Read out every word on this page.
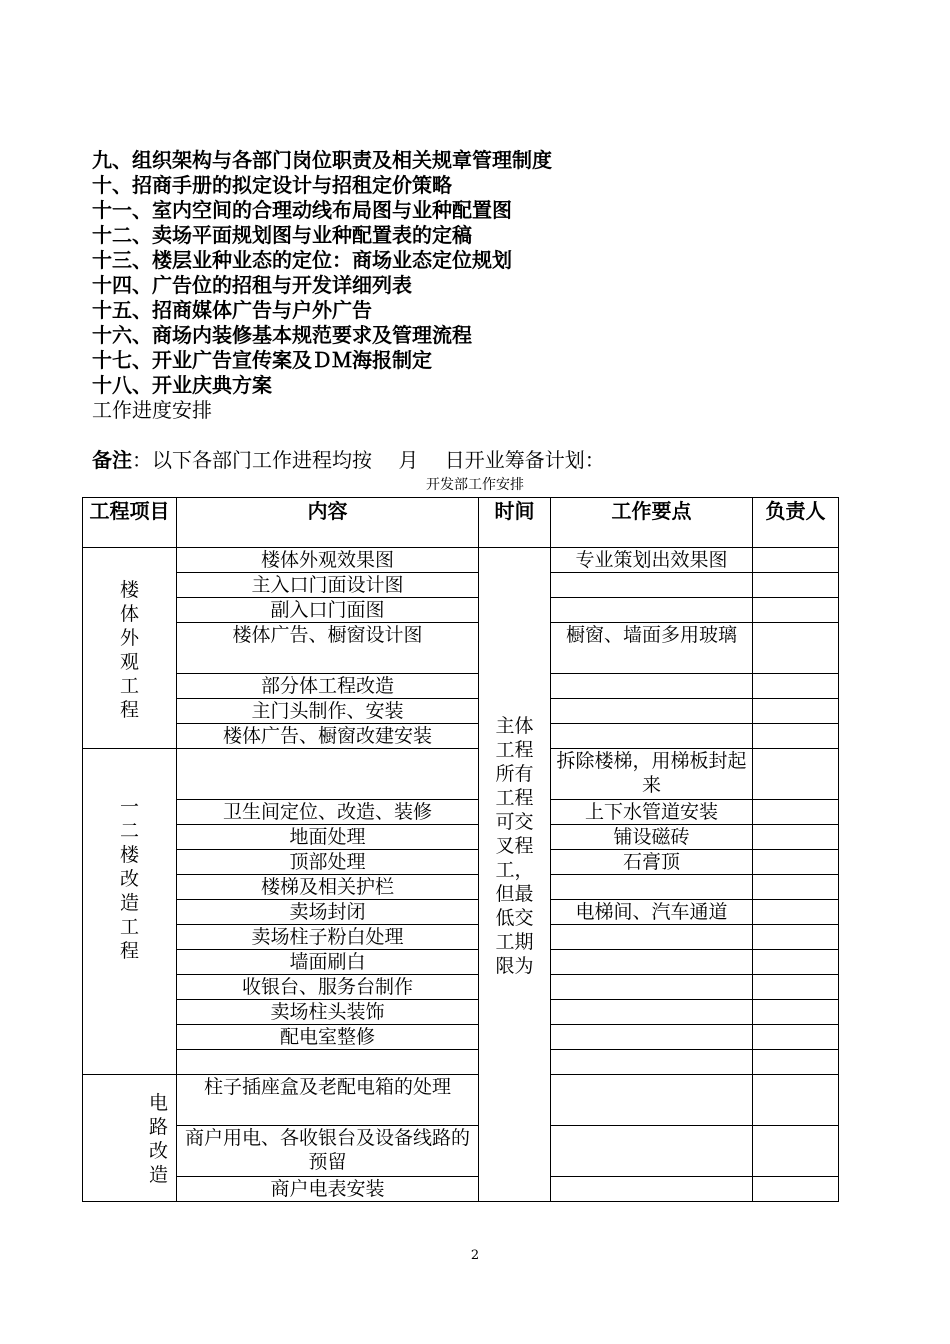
九、组织架构与各部门岗位职责及相关规章管理制度
十、招商手册的拟定设计与招租定价策略
十一、室内空间的合理动线布局图与业种配置图
十二、卖场平面规划图与业种配置表的定稿
十三、楼层业种业态的定位：商场业态定位规划
十四、广告位的招租与开发详细列表
十五、招商媒体广告与户外广告
十六、商场内装修基本规范要求及管理流程
十七、开业广告宣传案及ＤＭ海报制定
十八、开业庆典方案
工作进度安排
备注：以下各部门工作进程均按　 月　 日开业筹备计划：
开发部工作安排
工程项目	内容	时间	工作要点	负责人
楼体外观工程	楼体外观效果图	主体工程所有工程可交叉程工，但最低交工期限为	专业策划出效果图	
	主入口门面设计图			
	副入口门面图			
	楼体广告、橱窗设计图		橱窗、墙面多用玻璃	
	部分体工程改造			
	主门头制作、安装			
	楼体广告、橱窗改建安装			
一二楼改造工程			拆除楼梯，用梯板封起来	
	卫生间定位、改造、装修		上下水管道安装	
	地面处理		铺设磁砖	
	顶部处理		石膏顶	
	楼梯及相关护栏			
	卖场封闭		电梯间、汽车通道	
	卖场柱子粉白处理			
	墙面刷白			
	收银台、服务台制作			
	卖场柱头装饰			
	配电室整修			

电路改造	柱子插座盒及老配电箱的处理			
	商户用电、各收银台及设备线路的预留			
	商户电表安装			
2
